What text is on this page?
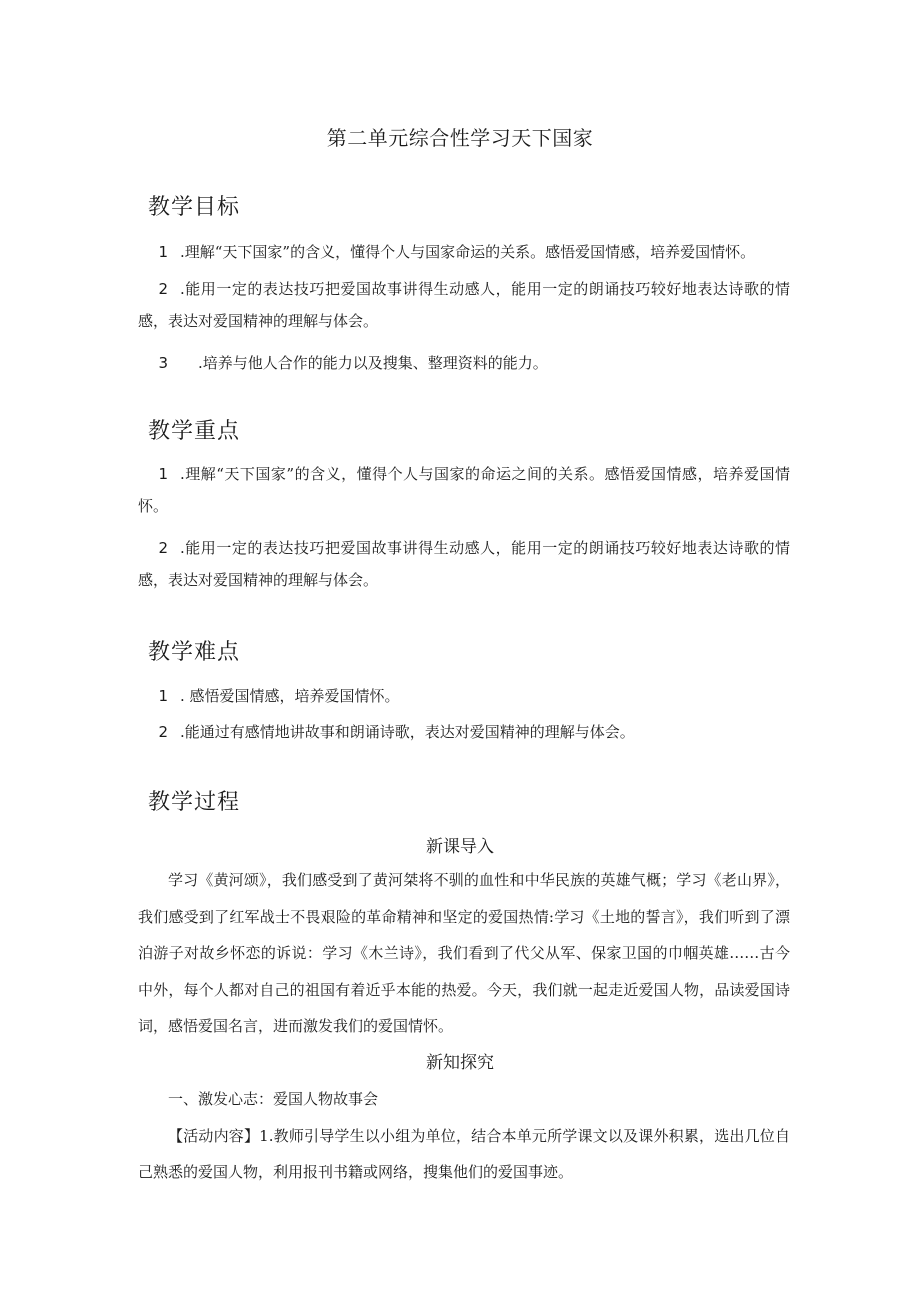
第二单元综合性学习天下国家
教学目标
1 .理解“天下国家”的含义，懂得个人与国家命运的关系。感悟爱国情感，培养爱国情怀。
2 .能用一定的表达技巧把爱国故事讲得生动感人，能用一定的朗诵技巧较好地表达诗歌的情感，表达对爱国精神的理解与体会。
3 .培养与他人合作的能力以及搜集、整理资料的能力。
教学重点
1 .理解“天下国家”的含义，懂得个人与国家的命运之间的关系。感悟爱国情感，培养爱国情怀。
2 .能用一定的表达技巧把爱国故事讲得生动感人，能用一定的朗诵技巧较好地表达诗歌的情感，表达对爱国精神的理解与体会。
教学难点
1 . 感悟爱国情感，培养爱国情怀。
2 .能通过有感情地讲故事和朗诵诗歌，表达对爱国精神的理解与体会。
教学过程
新课导入
学习《黄河颂》，我们感受到了黄河桀将不驯的血性和中华民族的英雄气概；学习《老山界》，我们感受到了红军战士不畏艰险的革命精神和坚定的爱国热情:学习《土地的誓言》，我们听到了漂泊游子对故乡怀恋的诉说：学习《木兰诗》，我们看到了代父从军、保家卫国的巾帼英雄……古今中外，每个人都对自己的祖国有着近乎本能的热爱。今天，我们就一起走近爱国人物，品读爱国诗词，感悟爱国名言，进而激发我们的爱国情怀。
新知探究
一、激发心志：爱国人物故事会
【活动内容】1.教师引导学生以小组为单位，结合本单元所学课文以及课外积累，选出几位自己熟悉的爱国人物，利用报刊书籍或网络，搜集他们的爱国事迹。
